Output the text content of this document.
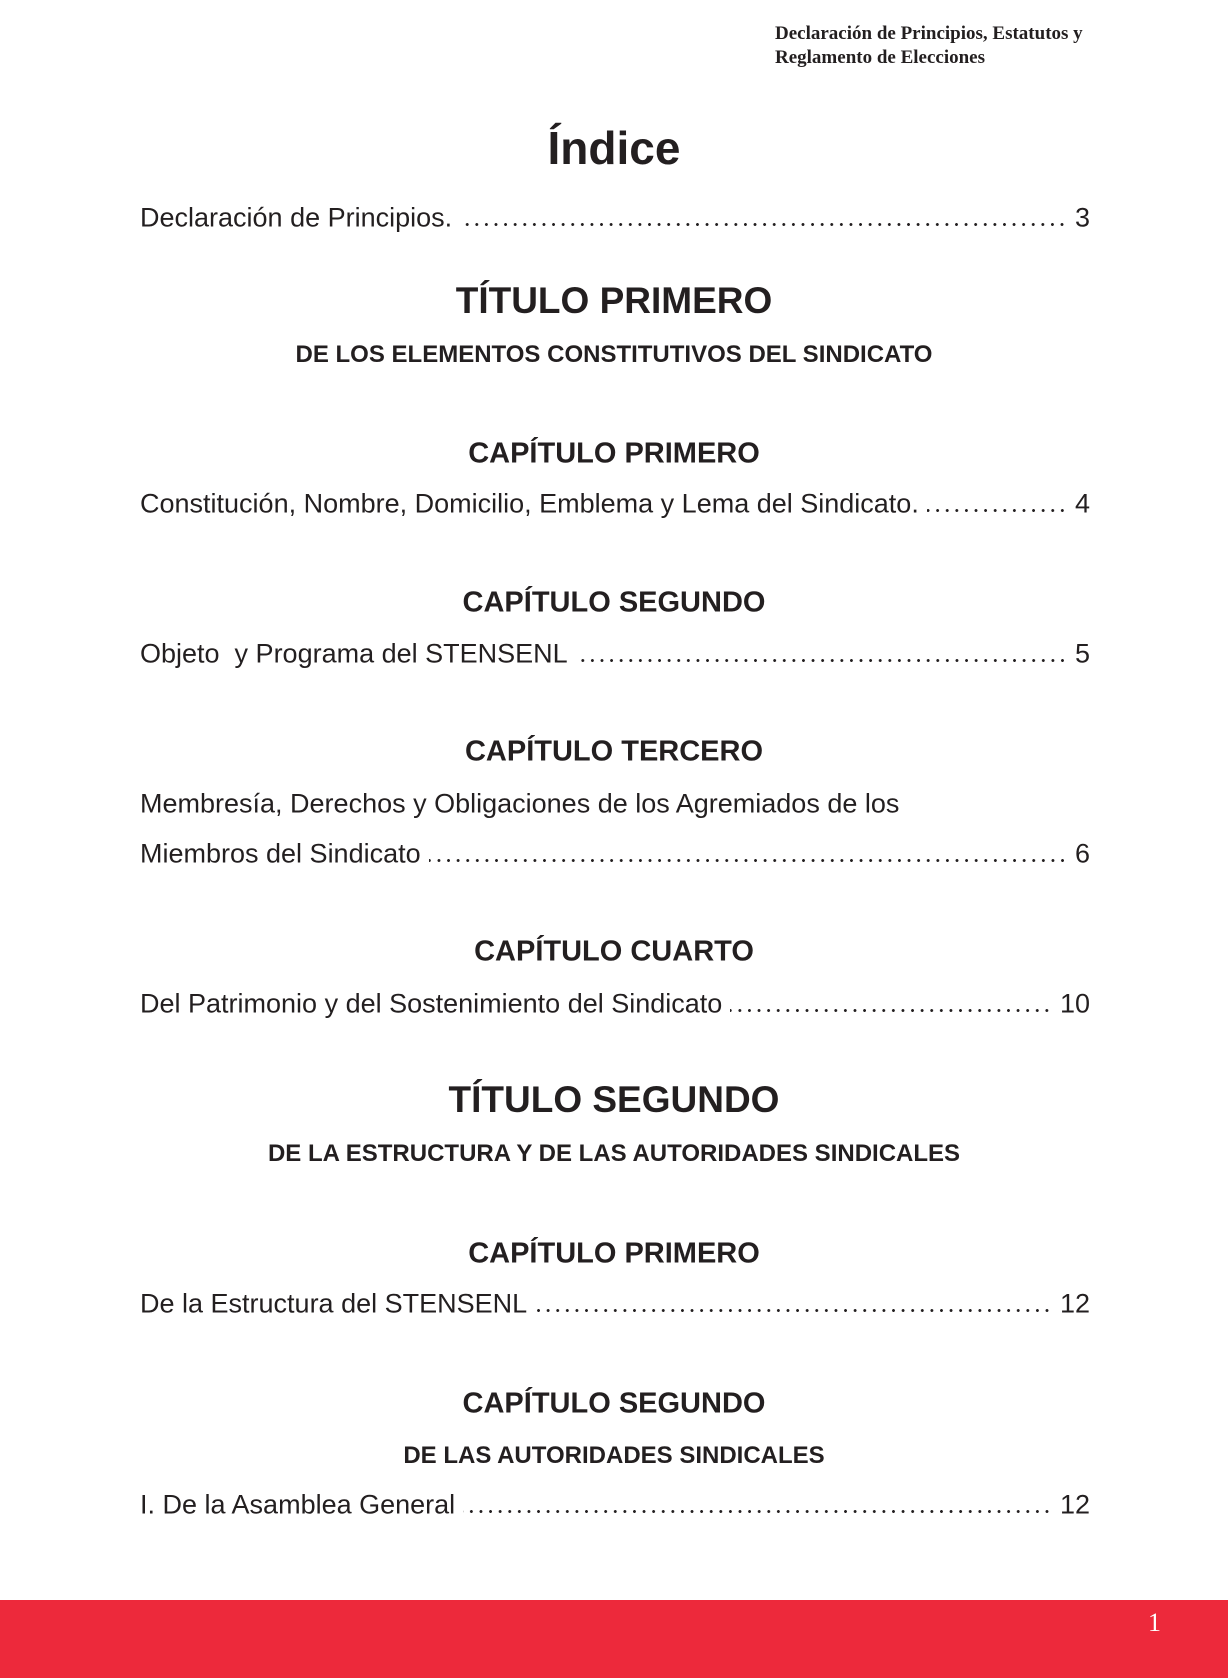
Declaración de Principios, Estatutos y
Reglamento de Elecciones
Índice
Declaración de Principios.	3
TÍTULO PRIMERO
DE LOS ELEMENTOS CONSTITUTIVOS DEL SINDICATO
CAPÍTULO PRIMERO
Constitución, Nombre, Domicilio, Emblema y Lema del Sindicato.	4
CAPÍTULO SEGUNDO
Objeto  y Programa del STENSENL	5
CAPÍTULO TERCERO
Membresía, Derechos y Obligaciones de los Agremiados de los
Miembros del Sindicato	6
CAPÍTULO CUARTO
Del Patrimonio y del Sostenimiento del Sindicato	10
TÍTULO SEGUNDO
DE LA ESTRUCTURA Y DE LAS AUTORIDADES SINDICALES
CAPÍTULO PRIMERO
De la Estructura del STENSENL	12
CAPÍTULO SEGUNDO
DE LAS AUTORIDADES SINDICALES
I. De la Asamblea General	12
1
